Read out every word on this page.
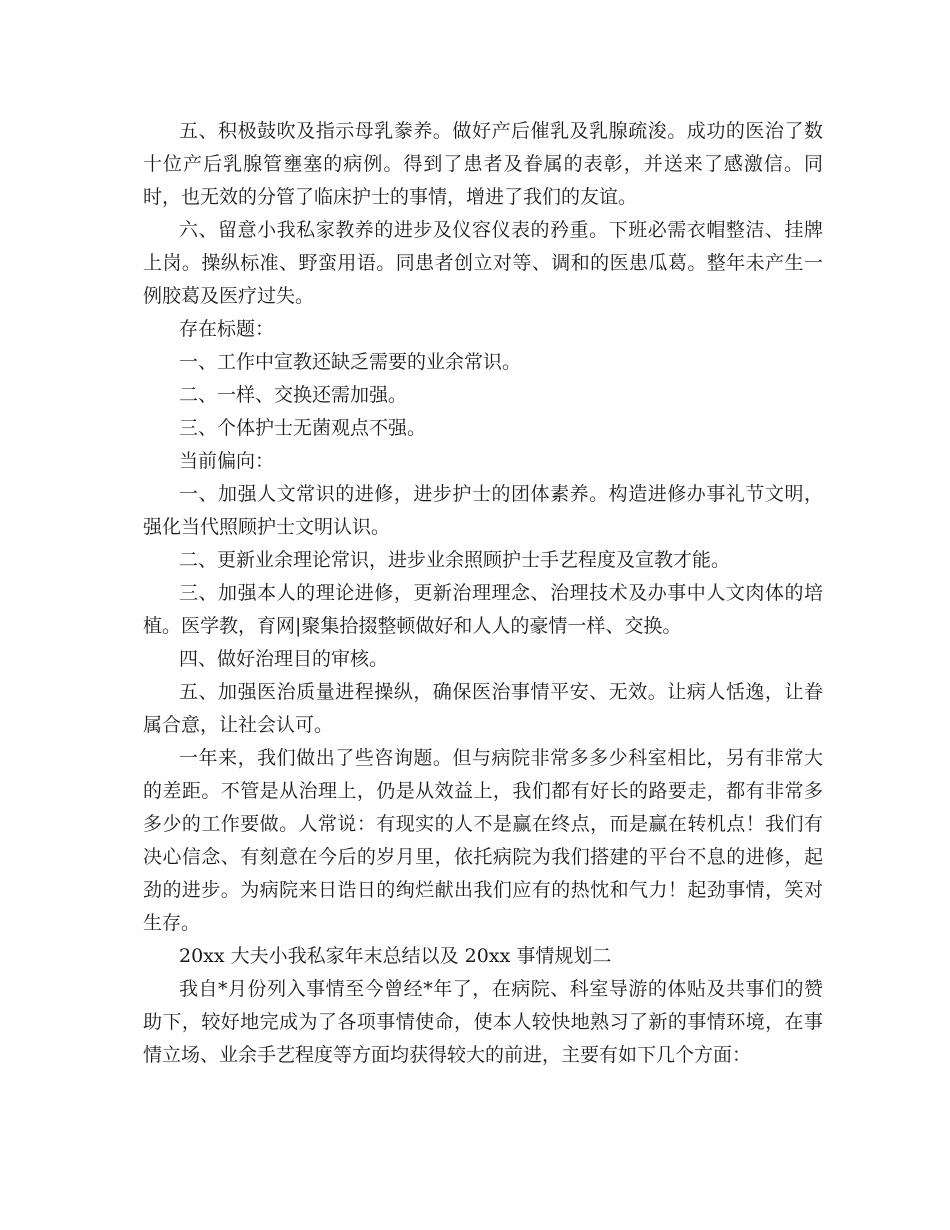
五、积极鼓吹及指示母乳豢养。做好产后催乳及乳腺疏浚。成功的医治了数十位产后乳腺管壅塞的病例。得到了患者及眷属的表彰，并送来了感激信。同时，也无效的分管了临床护士的事情，增进了我们的友谊。

六、留意小我私家教养的进步及仪容仪表的矜重。下班必需衣帽整洁、挂牌上岗。操纵标准、野蛮用语。同患者创立对等、调和的医患瓜葛。整年未产生一例胶葛及医疗过失。

存在标题：

一、工作中宣教还缺乏需要的业余常识。

二、一样、交换还需加强。

三、个体护士无菌观点不强。

当前偏向：

一、加强人文常识的进修，进步护士的团体素养。构造进修办事礼节文明，强化当代照顾护士文明认识。

二、更新业余理论常识，进步业余照顾护士手艺程度及宣教才能。

三、加强本人的理论进修，更新治理理念、治理技术及办事中人文肉体的培植。医学教，育网|聚集拾掇整顿做好和人人的豪情一样、交换。

四、做好治理目的审核。

五、加强医治质量进程操纵，确保医治事情平安、无效。让病人恬逸，让眷属合意，让社会认可。

一年来，我们做出了些咨询题。但与病院非常多多少科室相比，另有非常大的差距。不管是从治理上，仍是从效益上，我们都有好长的路要走，都有非常多多少的工作要做。人常说：有现实的人不是赢在终点，而是赢在转机点！我们有决心信念、有刻意在今后的岁月里，依托病院为我们搭建的平台不息的进修，起劲的进步。为病院来日诰日的绚烂献出我们应有的热忱和气力！起劲事情，笑对生存。

20xx 大夫小我私家年末总结以及 20xx 事情规划二

我自*月份列入事情至今曾经*年了，在病院、科室导游的体贴及共事们的赞助下，较好地完成为了各项事情使命，使本人较快地熟习了新的事情环境，在事情立场、业余手艺程度等方面均获得较大的前进，主要有如下几个方面：
